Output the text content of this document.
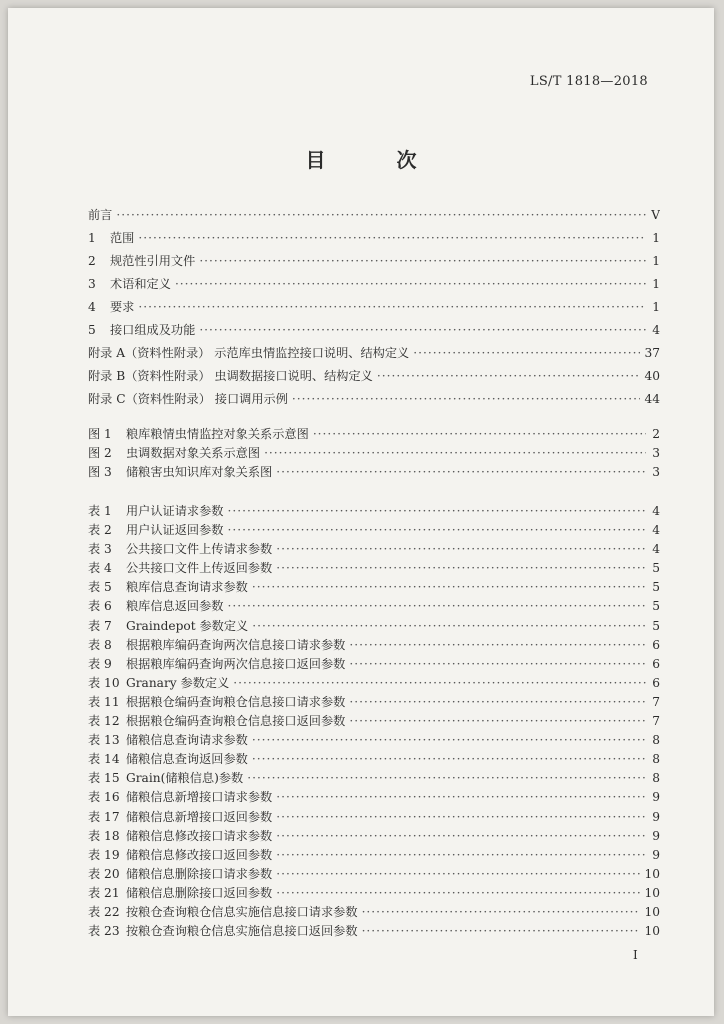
LS/T 1818—2018
目 次
前言 ·····	V
1	范围 ·····	1
2	规范性引用文件 ·····	1
3	术语和定义 ·····	1
4	要求 ·····	1
5	接口组成及功能 ·····	4
附录 A（资料性附录） 示范库虫情监控接口说明、结构定义 ·····	37
附录 B（资料性附录） 虫调数据接口说明、结构定义 ·····	40
附录 C（资料性附录） 接口调用示例 ·····	44
图 1	粮库粮情虫情监控对象关系示意图 ·····	2
图 2	虫调数据对象关系示意图 ·····	3
图 3	储粮害虫知识库对象关系图 ·····	3
表 1	用户认证请求参数 ·····	4
表 2	用户认证返回参数 ·····	4
表 3	公共接口文件上传请求参数 ·····	4
表 4	公共接口文件上传返回参数 ·····	5
表 5	粮库信息查询请求参数 ·····	5
表 6	粮库信息返回参数 ·····	5
表 7	Graindepot 参数定义 ·····	5
表 8	根据粮库编码查询两次信息接口请求参数 ·····	6
表 9	根据粮库编码查询两次信息接口返回参数 ·····	6
表 10 Granary 参数定义 ·····	6
表 11 根据粮仓编码查询粮仓信息接口请求参数 ·····	7
表 12 根据粮仓编码查询粮仓信息接口返回参数 ·····	7
表 13 储粮信息查询请求参数 ·····	8
表 14 储粮信息查询返回参数 ·····	8
表 15 Grain(储粮信息)参数 ·····	8
表 16 储粮信息新增接口请求参数 ·····	9
表 17 储粮信息新增接口返回参数 ·····	9
表 18 储粮信息修改接口请求参数 ·····	9
表 19 储粮信息修改接口返回参数 ·····	9
表 20 储粮信息删除接口请求参数 ·····	10
表 21 储粮信息删除接口返回参数 ·····	10
表 22 按粮仓查询粮仓信息实施信息接口请求参数 ·····	10
表 23 按粮仓查询粮仓信息实施信息接口返回参数 ·····	10
I
